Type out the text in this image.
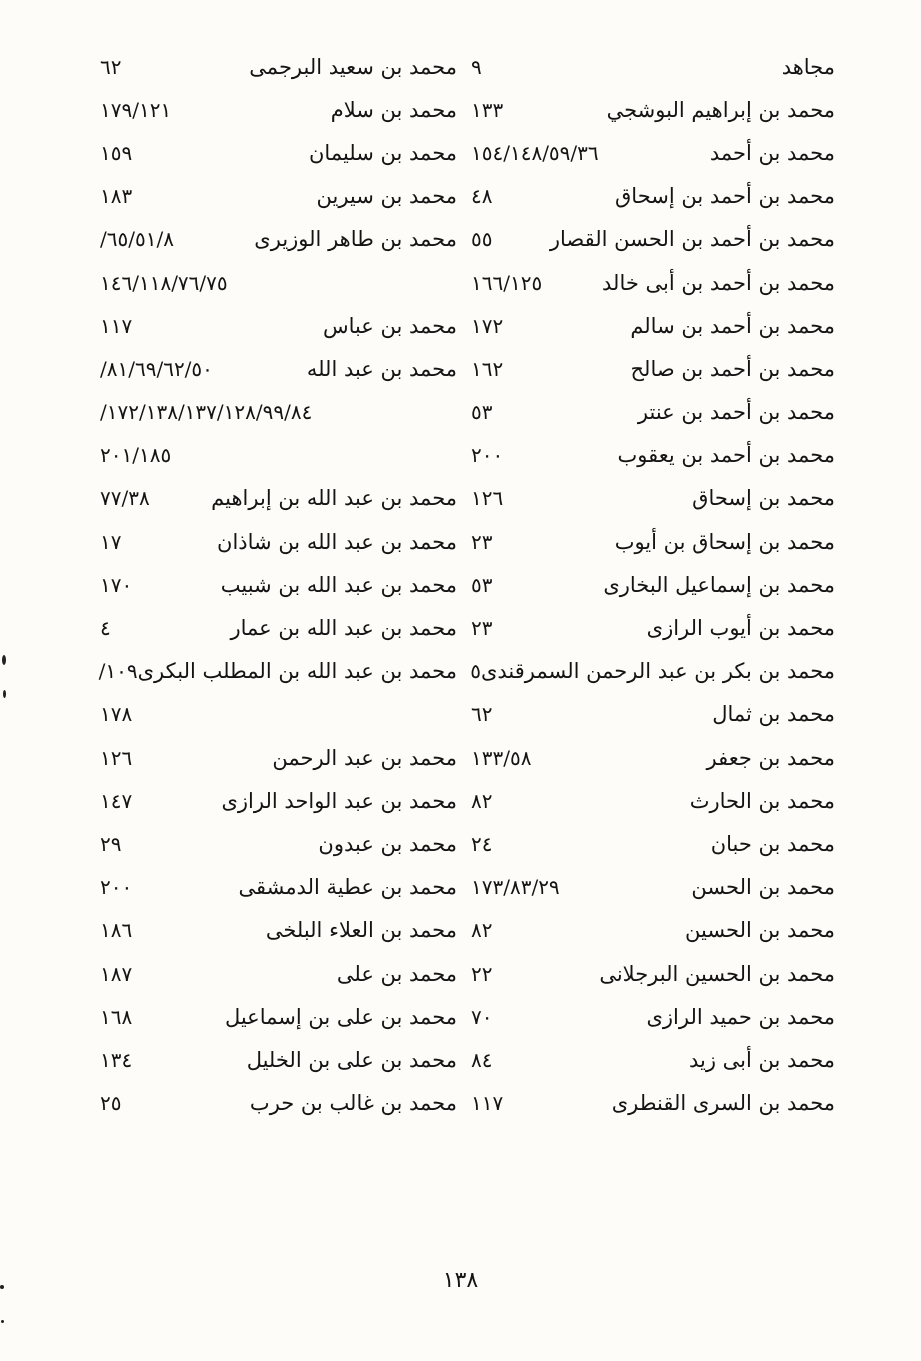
مجاهد
٩
محمد بن سعيد البرجمى
٦٢
محمد بن إبراهيم البوشجي
١٣٣
محمد بن سلام
١٧٩/١٢١
محمد بن أحمد
١٥٤/١٤٨/٥٩/٣٦
محمد بن سليمان
١٥٩
محمد بن أحمد بن إسحاق
٤٨
محمد بن سيرين
١٨٣
محمد بن أحمد بن الحسن القصار
٥٥
محمد بن طاهر الوزيرى
/٦٥/٥١/٨
محمد بن أحمد بن أبى خالد
١٦٦/١٢٥
١٤٦/١١٨/٧٦/٧٥
محمد بن أحمد بن سالم
١٧٢
محمد بن عباس
١١٧
محمد بن أحمد بن صالح
١٦٢
محمد بن عبد الله
/٨١/٦٩/٦٢/٥٠
محمد بن أحمد بن عنتر
٥٣
/١٧٢/١٣٨/١٣٧/١٢٨/٩٩/٨٤
محمد بن أحمد بن يعقوب
٢٠٠
٢٠١/١٨٥
محمد بن إسحاق
١٢٦
محمد بن عبد الله بن إبراهيم
٧٧/٣٨
محمد بن إسحاق بن أيوب
٢٣
محمد بن عبد الله بن شاذان
١٧
محمد بن إسماعيل البخارى
٥٣
محمد بن عبد الله بن شبيب
١٧٠
محمد بن أيوب الرازى
٢٣
محمد بن عبد الله بن عمار
٤
محمد بن بكر بن عبد الرحمن السمرقندى
٥
محمد بن عبد الله بن المطلب البكرى
/١٠٩
محمد بن ثمال
٦٢
١٧٨
محمد بن جعفر
١٣٣/٥٨
محمد بن عبد الرحمن
١٢٦
محمد بن الحارث
٨٢
محمد بن عبد الواحد الرازى
١٤٧
محمد بن حبان
٢٤
محمد بن عبدون
٢٩
محمد بن الحسن
١٧٣/٨٣/٢٩
محمد بن عطية الدمشقى
٢٠٠
محمد بن الحسين
٨٢
محمد بن العلاء البلخى
١٨٦
محمد بن الحسين البرجلانى
٢٢
محمد بن على
١٨٧
محمد بن حميد الرازى
٧٠
محمد بن على بن إسماعيل
١٦٨
محمد بن أبى زيد
٨٤
محمد بن على بن الخليل
١٣٤
محمد بن السرى القنطرى
١١٧
محمد بن غالب بن حرب
٢٥
١٣٨
